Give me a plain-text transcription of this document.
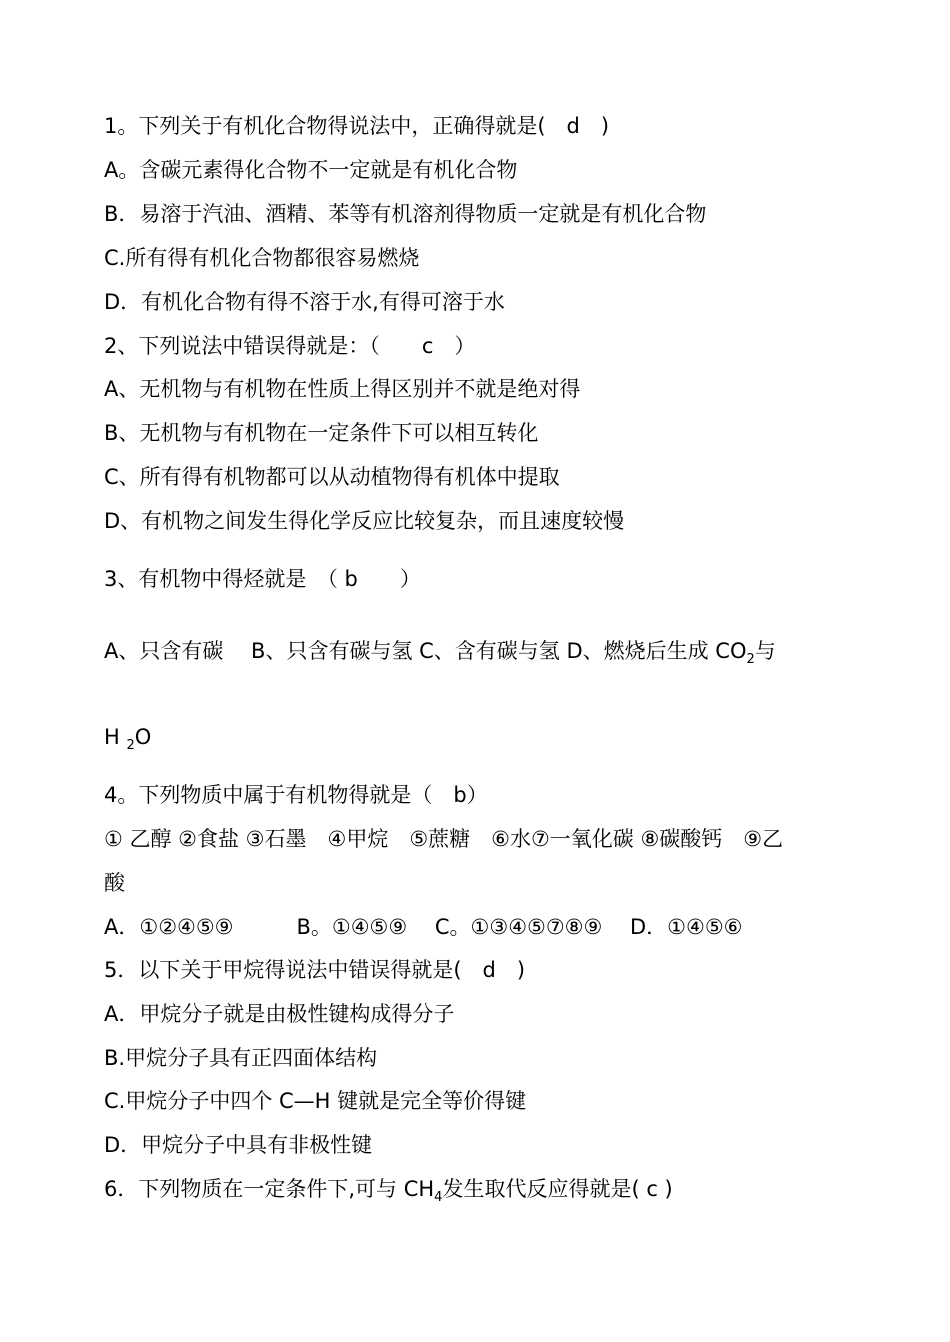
1。下列关于有机化合物得说法中，正确得就是(　d　)
A。含碳元素得化合物不一定就是有机化合物
B．易溶于汽油、酒精、苯等有机溶剂得物质一定就是有机化合物
C.所有得有机化合物都很容易燃烧
D．有机化合物有得不溶于水,有得可溶于水
2、下列说法中错误得就是：（　　c　）
A、无机物与有机物在性质上得区别并不就是绝对得
B、无机物与有机物在一定条件下可以相互转化
C、所有得有机物都可以从动植物得有机体中提取
D、有机物之间发生得化学反应比较复杂，而且速度较慢
3、有机物中得烃就是　（ b　　）
A、只含有碳　 B、只含有碳与氢 C、含有碳与氢 D、燃烧后生成 $CO_2$与
H $_2$O
4。下列物质中属于有机物得就是（　b）
① 乙醇 ②食盐 ③石墨　④甲烷　⑤蔗糖　⑥水⑦一氧化碳 ⑧碳酸钙　⑨乙
酸
A．①②④⑤⑨　　　B。①④⑤⑨　 C。①③④⑤⑦⑧⑨　 D．①④⑤⑥
5．以下关于甲烷得说法中错误得就是(　d　)
A．甲烷分子就是由极性键构成得分子
B.甲烷分子具有正四面体结构
C.甲烷分子中四个 C—H 键就是完全等价得键
D．甲烷分子中具有非极性键
6．下列物质在一定条件下,可与 $CH_4$发生取代反应得就是( c )
